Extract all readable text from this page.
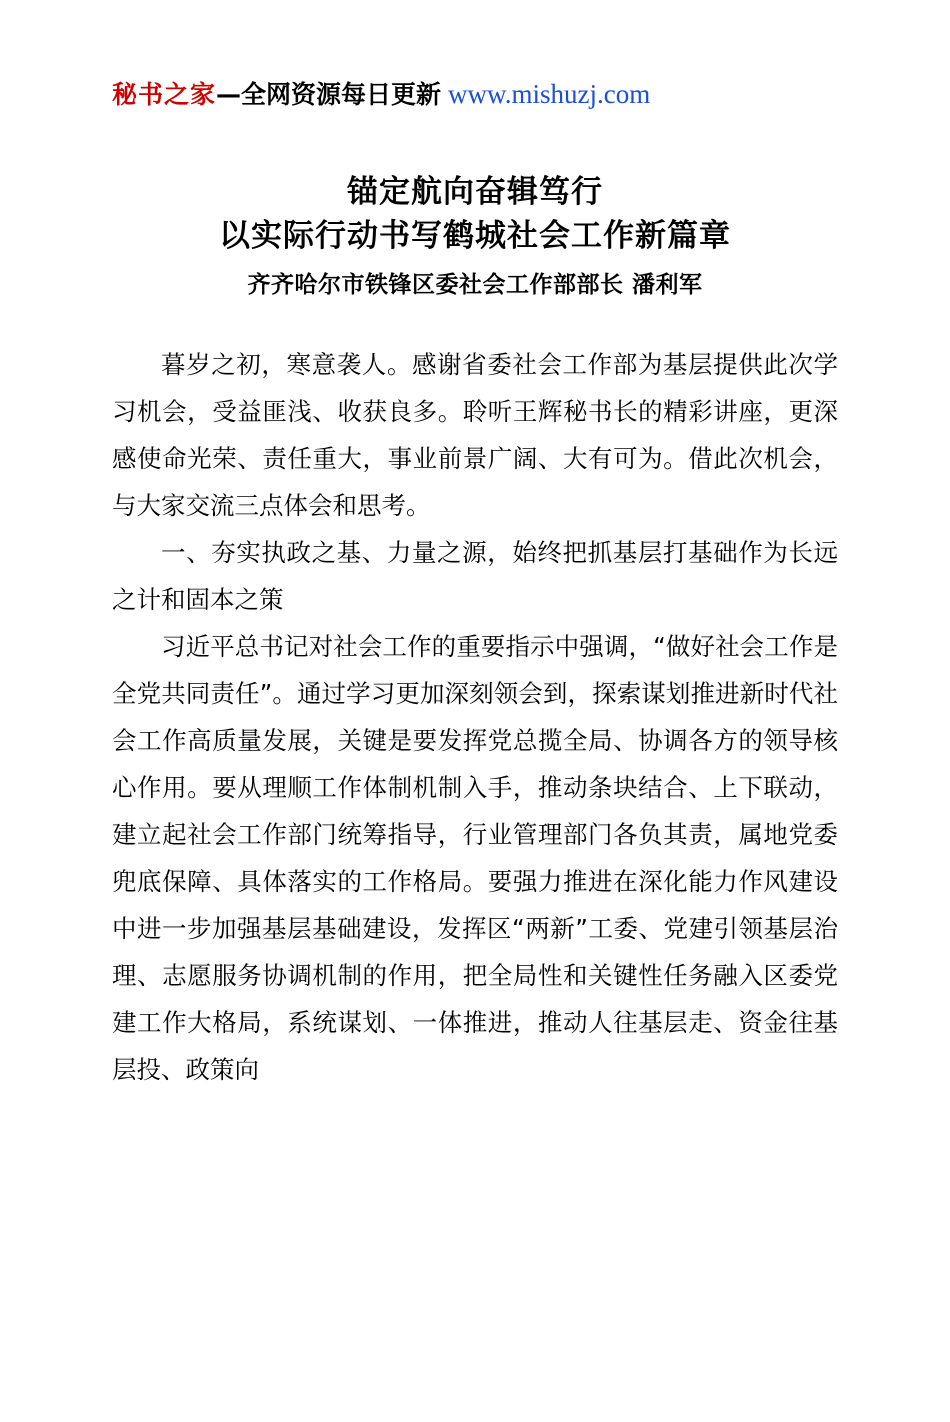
秘书之家—全网资源每日更新 www.mishuzj.com
锚定航向奋辑笃行
以实际行动书写鹤城社会工作新篇章
齐齐哈尔市铁锋区委社会工作部部长 潘利军

暮岁之初，寒意袭人。感谢省委社会工作部为基层提供此次学习机会，受益匪浅、收获良多。聆听王辉秘书长的精彩讲座，更深感使命光荣、责任重大，事业前景广阔、大有可为。借此次机会，与大家交流三点体会和思考。

一、夯实执政之基、力量之源，始终把抓基层打基础作为长远之计和固本之策

习近平总书记对社会工作的重要指示中强调，“做好社会工作是全党共同责任”。通过学习更加深刻领会到，探索谋划推进新时代社会工作高质量发展，关键是要发挥党总揽全局、协调各方的领导核心作用。要从理顺工作体制机制入手，推动条块结合、上下联动，建立起社会工作部门统筹指导，行业管理部门各负其责，属地党委兜底保障、具体落实的工作格局。要强力推进在深化能力作风建设中进一步加强基层基础建设，发挥区“两新”工委、党建引领基层治理、志愿服务协调机制的作用，把全局性和关键性任务融入区委党建工作大格局，系统谋划、一体推进，推动人往基层走、资金往基层投、政策向
